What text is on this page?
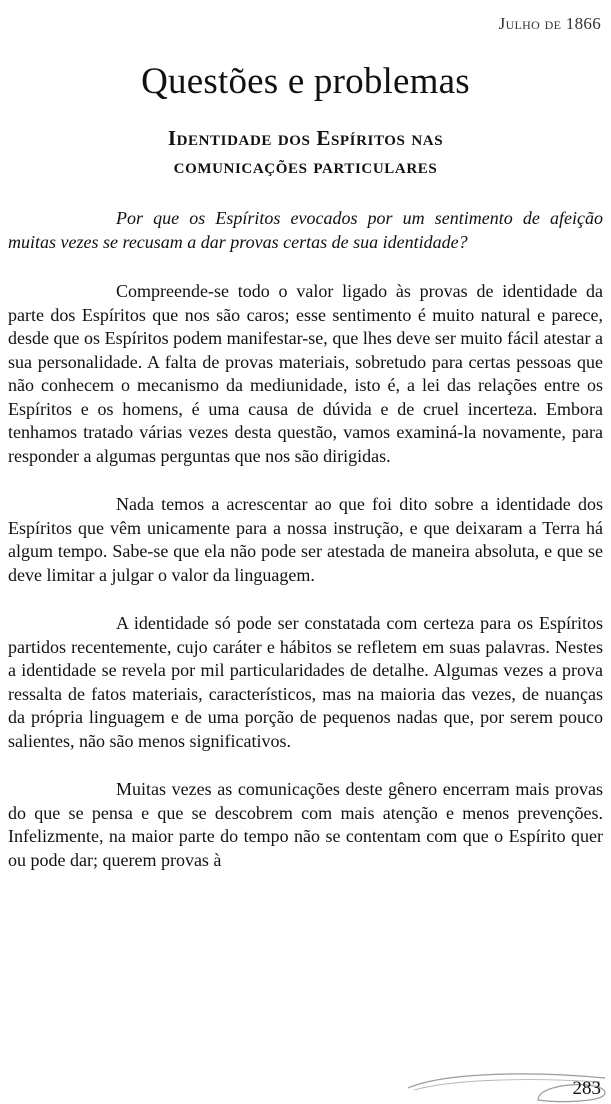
Julho de 1866

Questões e problemas
Identidade dos Espíritos nas
comunicações particulares

Por que os Espíritos evocados por um sentimento de afeição muitas vezes se recusam a dar provas certas de sua identidade?

Compreende-se todo o valor ligado às provas de identidade da parte dos Espíritos que nos são caros; esse sentimento é muito natural e parece, desde que os Espíritos podem manifestar-se, que lhes deve ser muito fácil atestar a sua personalidade. A falta de provas materiais, sobretudo para certas pessoas que não conhecem o mecanismo da mediunidade, isto é, a lei das relações entre os Espíritos e os homens, é uma causa de dúvida e de cruel incerteza. Embora tenhamos tratado várias vezes desta questão, vamos examiná-la novamente, para responder a algumas perguntas que nos são dirigidas.

Nada temos a acrescentar ao que foi dito sobre a identidade dos Espíritos que vêm unicamente para a nossa instrução, e que deixaram a Terra há algum tempo. Sabe-se que ela não pode ser atestada de maneira absoluta, e que se deve limitar a julgar o valor da linguagem.

A identidade só pode ser constatada com certeza para os Espíritos partidos recentemente, cujo caráter e hábitos se refletem em suas palavras. Nestes a identidade se revela por mil particularidades de detalhe. Algumas vezes a prova ressalta de fatos materiais, característicos, mas na maioria das vezes, de nuanças da própria linguagem e de uma porção de pequenos nadas que, por serem pouco salientes, não são menos significativos.

Muitas vezes as comunicações deste gênero encerram mais provas do que se pensa e que se descobrem com mais atenção e menos prevenções. Infelizmente, na maior parte do tempo não se contentam com que o Espírito quer ou pode dar; querem provas à

283
